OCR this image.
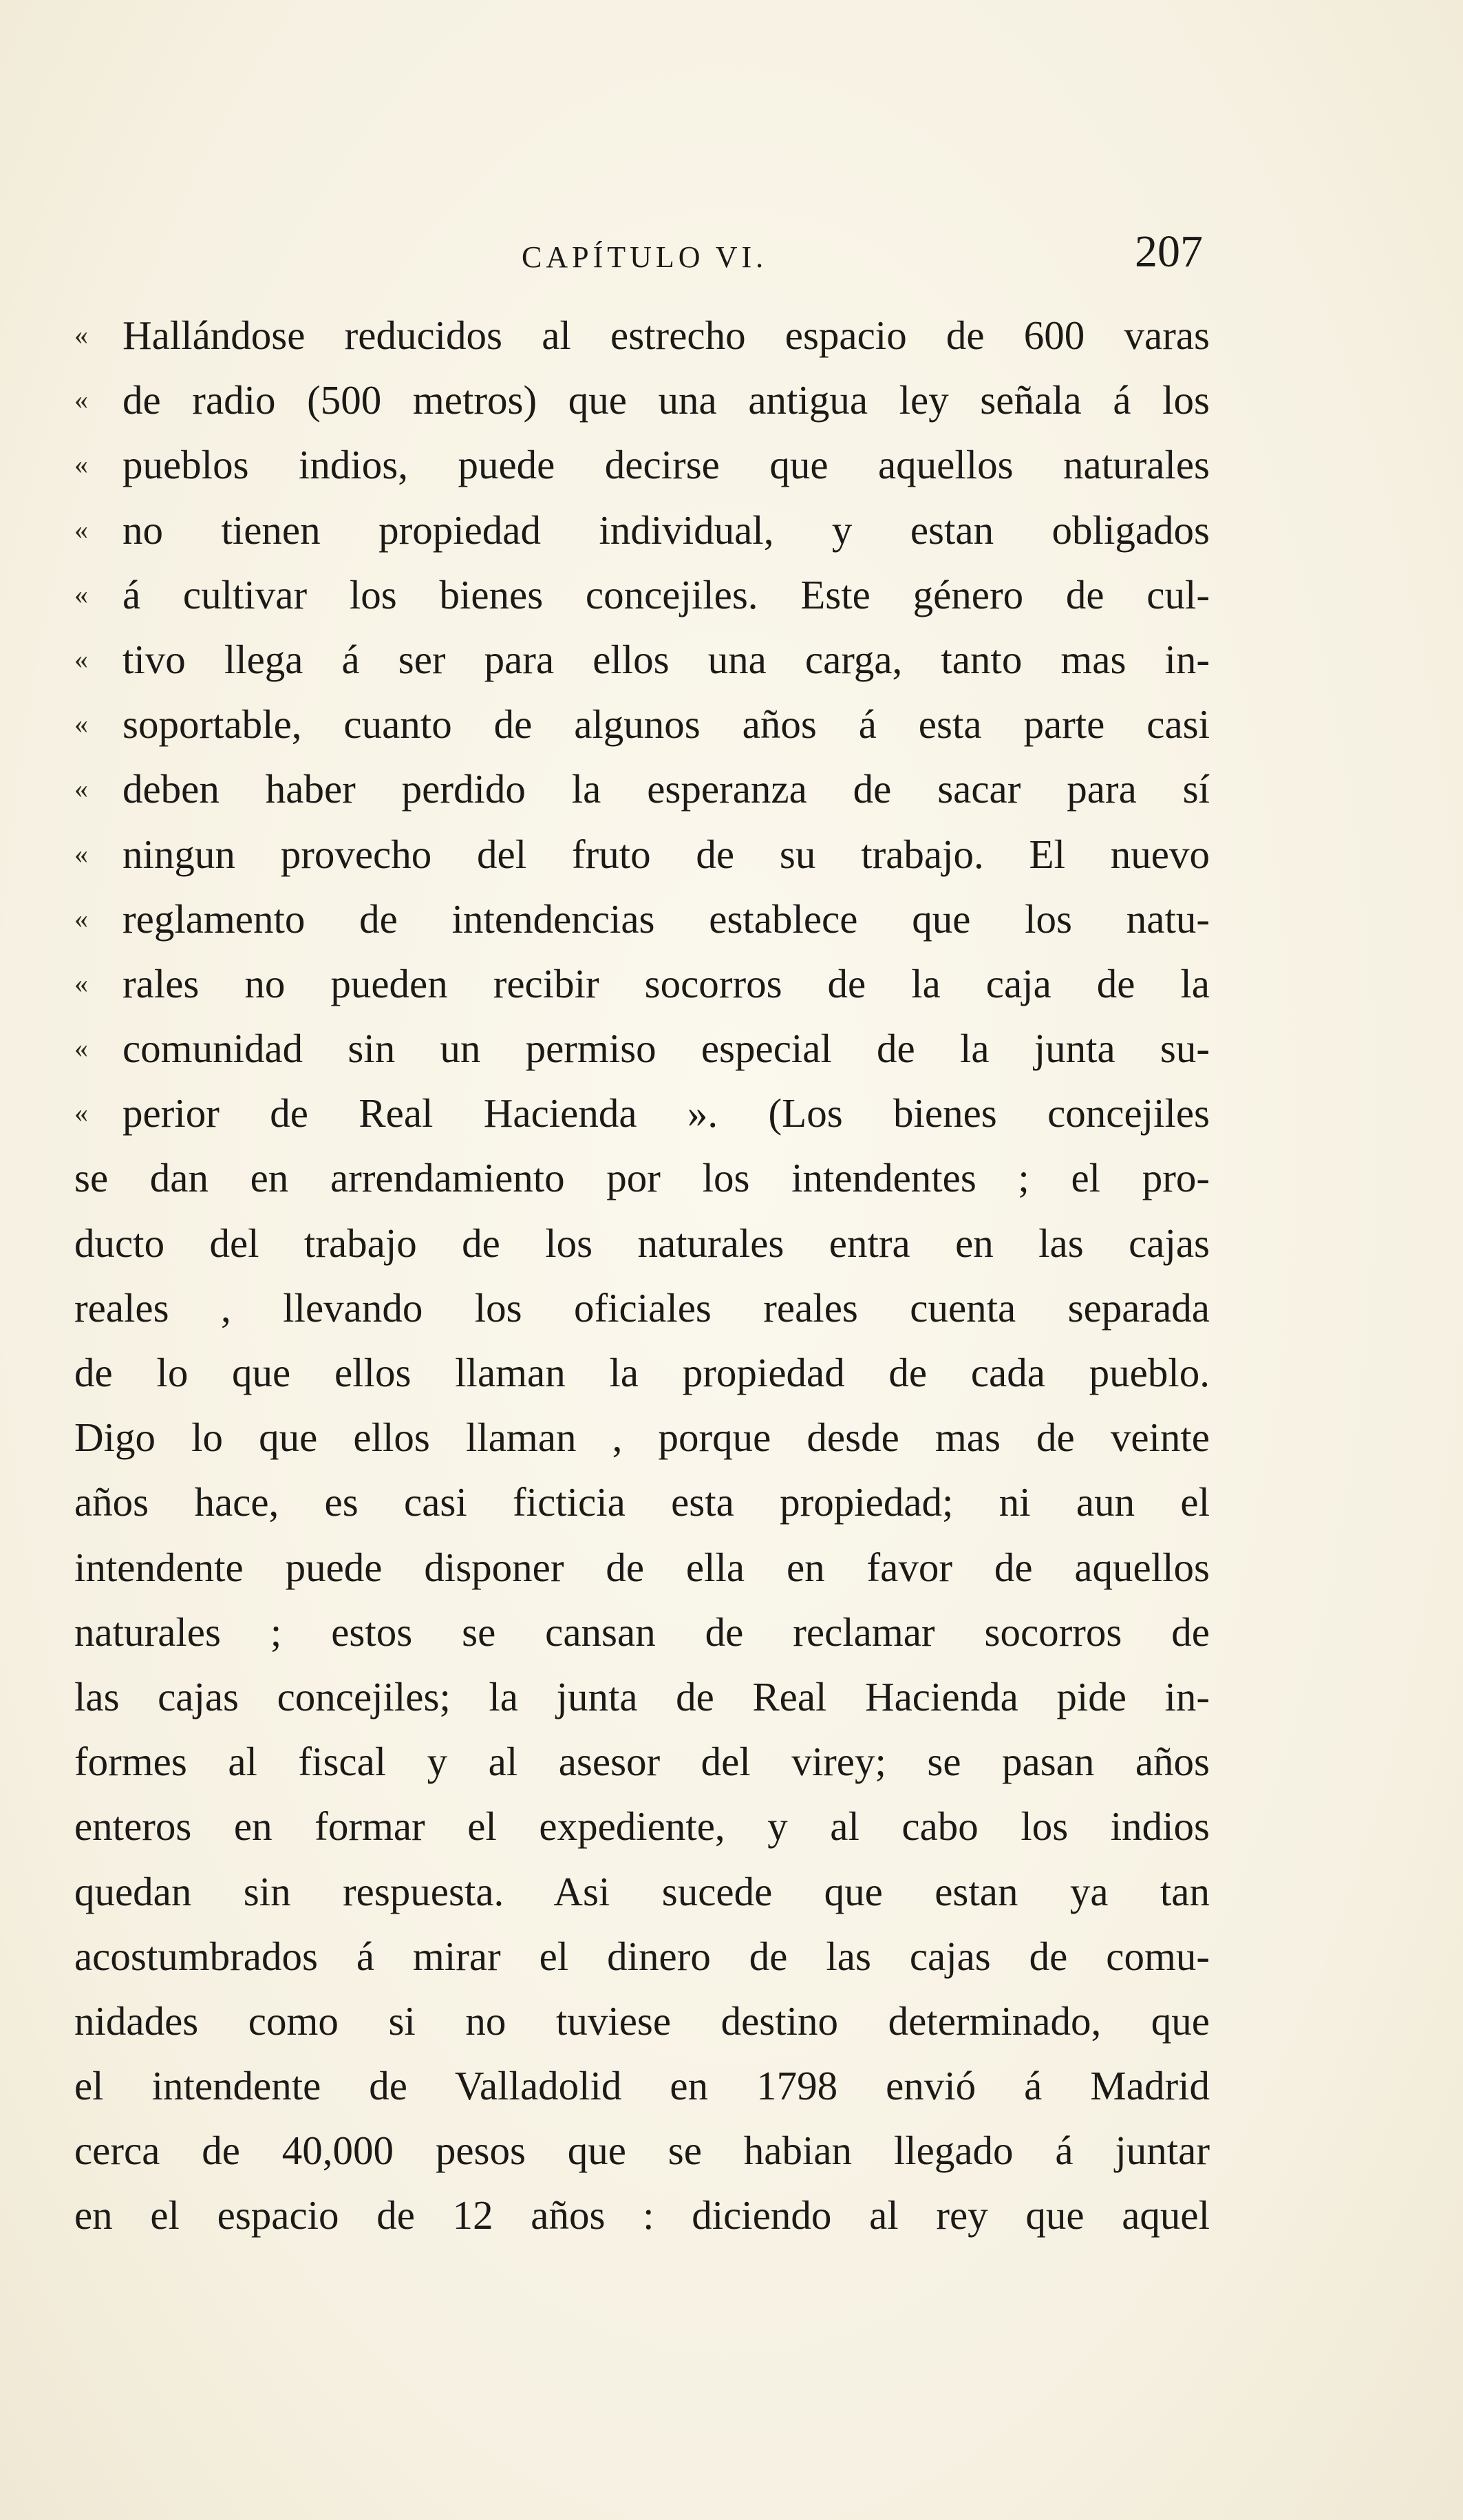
CAPÍTULO VI.	207
« Hallándose reducidos al estrecho espacio de 600 varas
« de radio (500 metros) que una antigua ley señala á los
« pueblos indios, puede decirse que aquellos naturales
« no tienen propiedad individual, y estan obligados
« á cultivar los bienes concejiles. Este género de cul-
« tivo llega á ser para ellos una carga, tanto mas in-
« soportable, cuanto de algunos años á esta parte casi
« deben haber perdido la esperanza de sacar para sí
« ningun provecho del fruto de su trabajo. El nuevo
« reglamento de intendencias establece que los natu-
« rales no pueden recibir socorros de la caja de la
« comunidad sin un permiso especial de la junta su-
« perior de Real Hacienda ». (Los bienes concejiles
se dan en arrendamiento por los intendentes ; el pro-
ducto del trabajo de los naturales entra en las cajas
reales , llevando los oficiales reales cuenta separada
de lo que ellos llaman la propiedad de cada pueblo.
Digo lo que ellos llaman , porque desde mas de veinte
años hace, es casi ficticia esta propiedad; ni aun el
intendente puede disponer de ella en favor de aquellos
naturales ; estos se cansan de reclamar socorros de
las cajas concejiles; la junta de Real Hacienda pide in-
formes al fiscal y al asesor del virey; se pasan años
enteros en formar el expediente, y al cabo los indios
quedan sin respuesta. Asi sucede que estan ya tan
acostumbrados á mirar el dinero de las cajas de comu-
nidades como si no tuviese destino determinado, que
el intendente de Valladolid en 1798 envió á Madrid
cerca de 40,000 pesos que se habian llegado á juntar
en el espacio de 12 años : diciendo al rey que aquel
